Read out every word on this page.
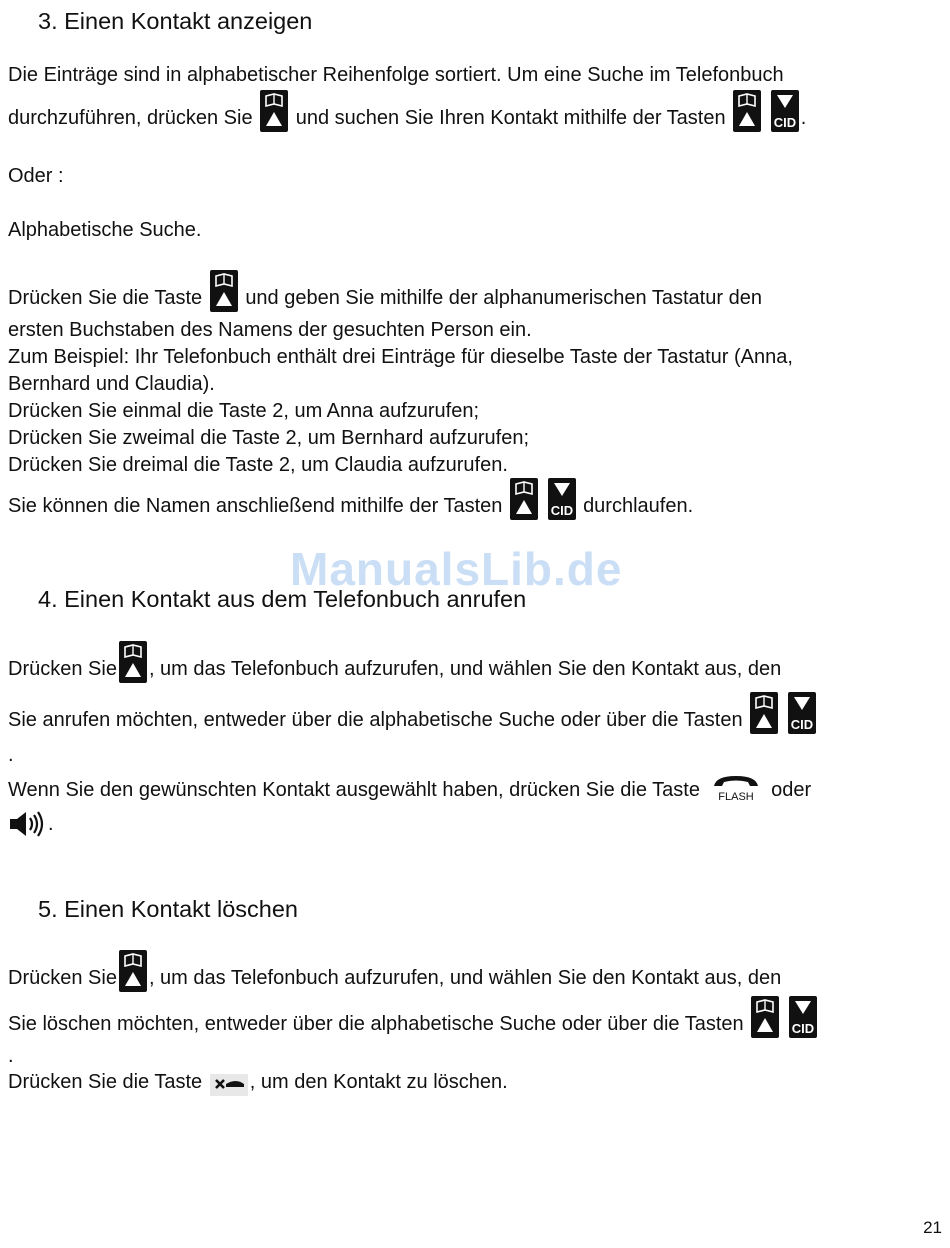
3. Einen Kontakt anzeigen
Die Einträge sind in alphabetischer Reihenfolge sortiert. Um eine Suche im Telefonbuch
durchzuführen, drücken Sie und suchen Sie Ihren Kontakt mithilfe der Tasten
	CID .
Oder :
Alphabetische Suche.
Drücken Sie die Taste und geben Sie mithilfe der alphanumerischen Tastatur den
ersten Buchstaben des Namens der gesuchten Person ein.
Zum Beispiel: Ihr Telefonbuch enthält drei Einträge für dieselbe Taste der Tastatur (Anna,
Bernhard und Claudia).
Drücken Sie einmal die Taste 2, um Anna aufzurufen;
Drücken Sie zweimal die Taste 2, um Bernhard aufzurufen;
Drücken Sie dreimal die Taste 2, um Claudia aufzurufen.
Sie können die Namen anschließend mithilfe der Tasten
	CID durchlaufen.
ManualsLib.de
4. Einen Kontakt aus dem Telefonbuch anrufen
Drücken Sie , um das Telefonbuch aufzurufen, und wählen Sie den Kontakt aus, den
Sie anrufen möchten, entweder über die alphabetische Suche oder über die Tasten
	CID
.
Wenn Sie den gewünschten Kontakt ausgewählt haben, drücken Sie die Taste FLASH oder
.
5. Einen Kontakt löschen
Drücken Sie , um das Telefonbuch aufzurufen, und wählen Sie den Kontakt aus, den
Sie löschen möchten, entweder über die alphabetische Suche oder über die Tasten
	CID
.
Drücken Sie die Taste , um den Kontakt zu löschen.
21
